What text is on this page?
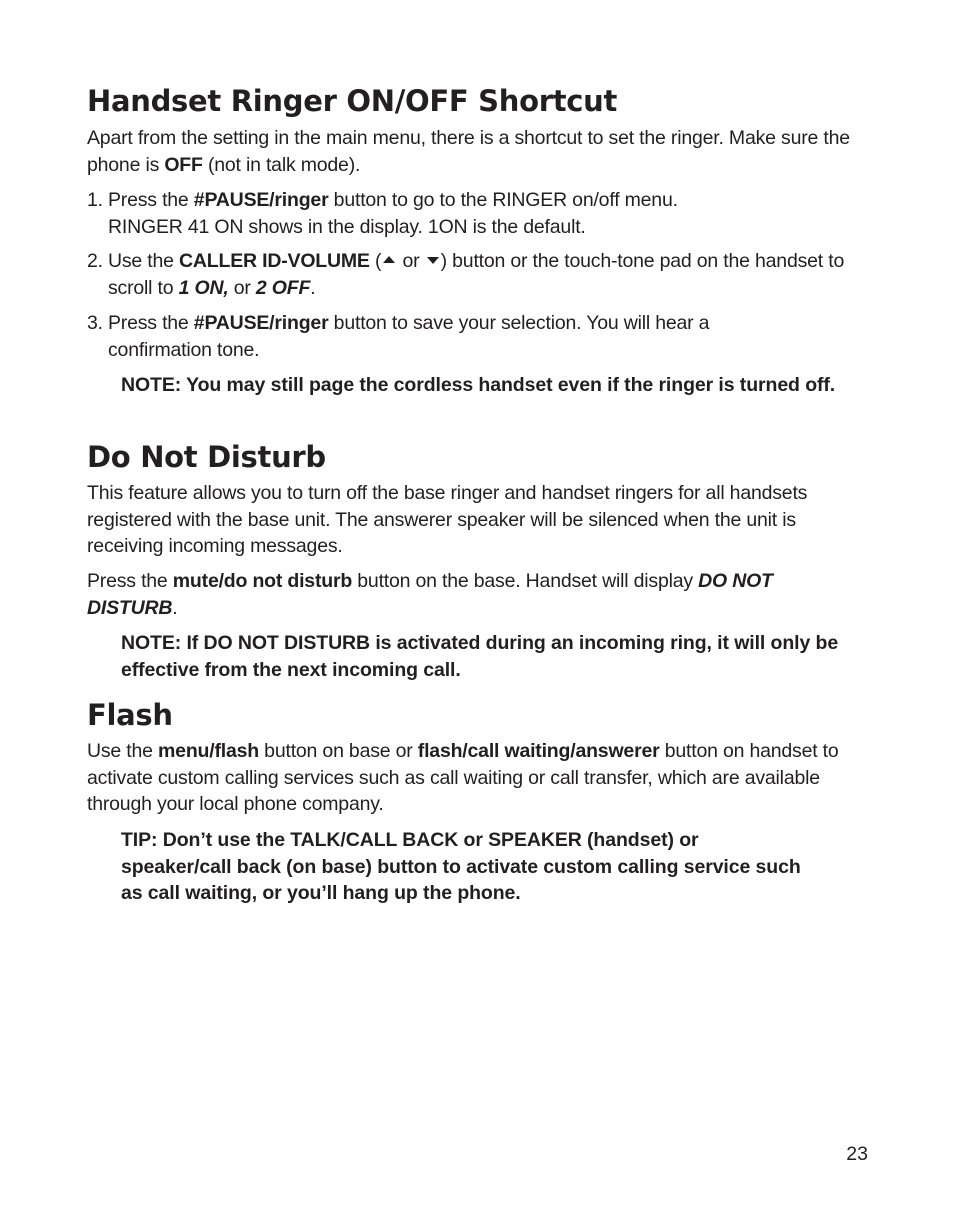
Handset Ringer ON/OFF Shortcut

Apart from the setting in the main menu, there is a shortcut to set the ringer. Make sure the phone is OFF (not in talk mode).

1. Press the #PAUSE/ringer button to go to the RINGER on/off menu.
RINGER 41 ON shows in the display. 1ON is the default.
2. Use the CALLER ID-VOLUME ( or ) button or the touch-tone pad on the handset to scroll to 1 ON, or 2 OFF.
3. Press the #PAUSE/ringer button to save your selection. You will hear a confirmation tone.
NOTE: You may still page the cordless handset even if the ringer is turned off.
Do Not Disturb

This feature allows you to turn off the base ringer and handset ringers for all handsets registered with the base unit. The answerer speaker will be silenced when the unit is receiving incoming messages.

Press the mute/do not disturb button on the base. Handset will display DO NOT DISTURB.

NOTE: If DO NOT DISTURB is activated during an incoming ring, it will only be effective from the next incoming call.
Flash

Use the menu/flash button on base or flash/call waiting/answerer button on handset to activate custom calling services such as call waiting or call transfer, which are available through your local phone company.

TIP: Don’t use the TALK/CALL BACK or SPEAKER (handset) or speaker/call back (on base) button to activate custom calling service such as call waiting, or you’ll hang up the phone.
23
